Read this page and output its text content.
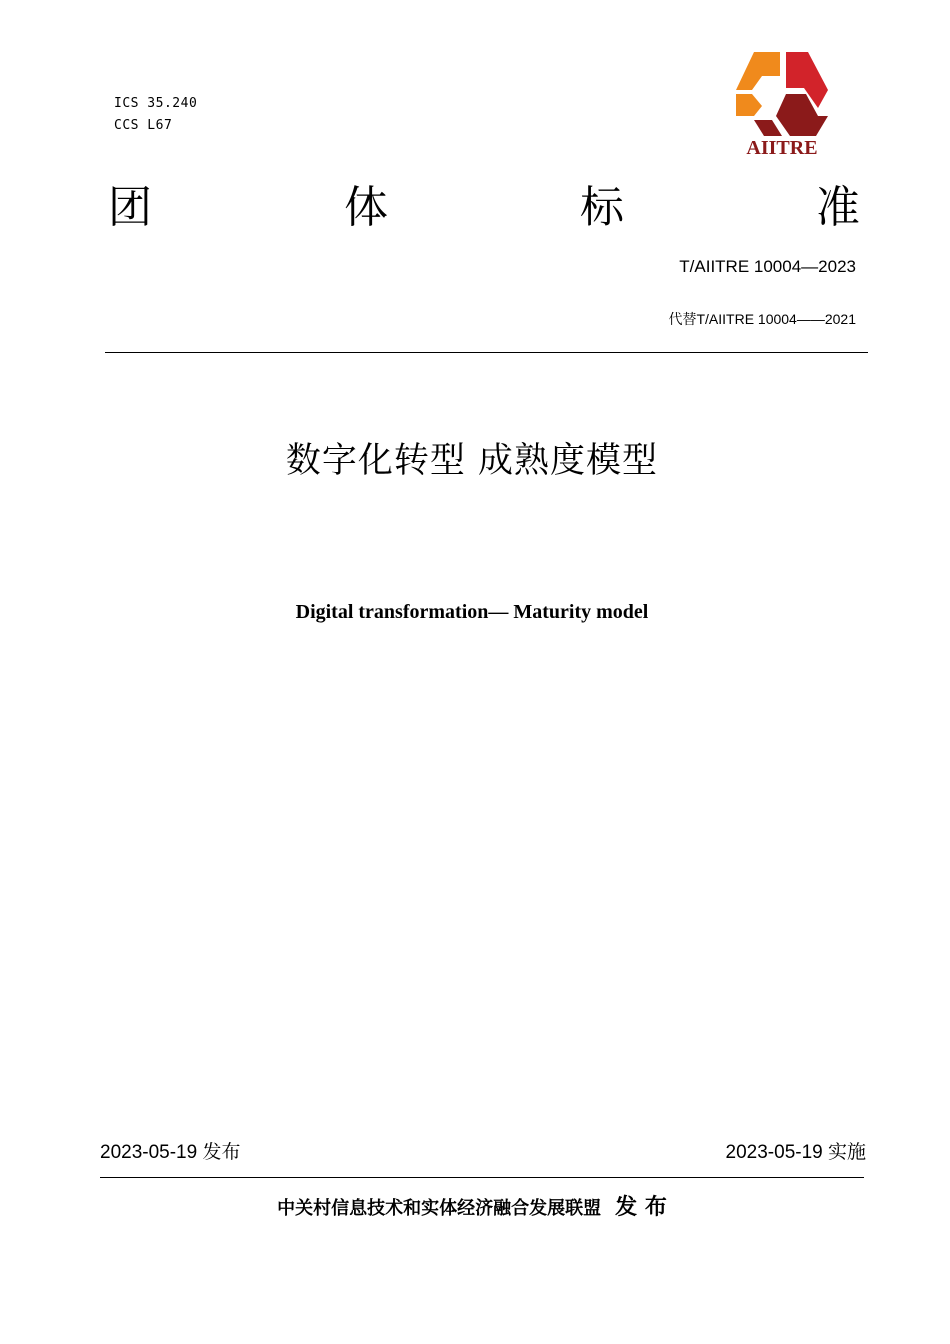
ICS 35.240
CCS L67
AIITRE
团	体	标	准
T/AIITRE 10004—2023
代替T/AIITRE 10004——2021
数字化转型 成熟度模型
Digital transformation— Maturity model
2023-05-19 发布	2023-05-19 实施
中关村信息技术和实体经济融合发展联盟 发 布
